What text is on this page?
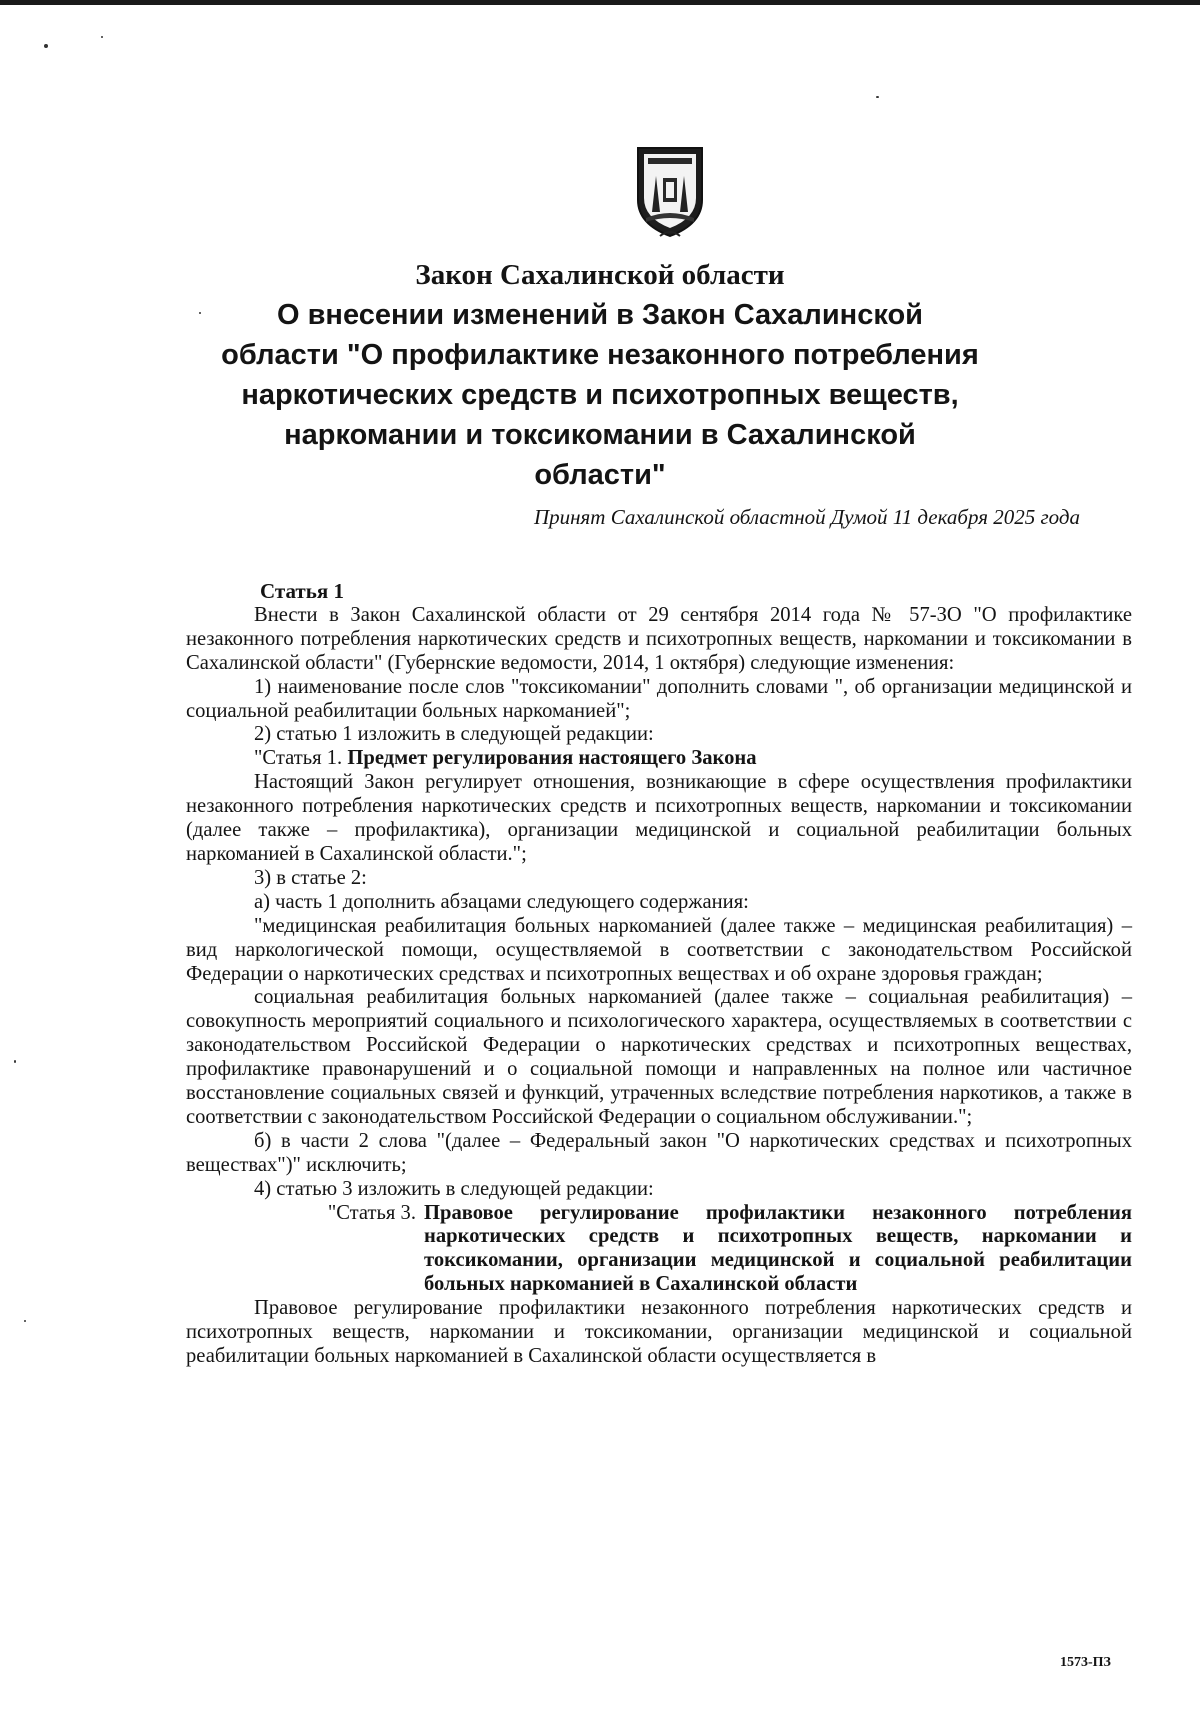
Закон Сахалинской области
О внесении изменений в Закон Сахалинской
области "О профилактике незаконного потребления
наркотических средств и психотропных веществ,
наркомании и токсикомании в Сахалинской
области"
Принят Сахалинской областной Думой 11 декабря 2025 года

Статья 1

Внести в Закон Сахалинской области от 29 сентября 2014 года № 57-ЗО "О профилактике незаконного потребления наркотических средств и психотропных веществ, наркомании и токсикомании в Сахалинской области" (Губернские ведомости, 2014, 1 октября) следующие изменения:

1) наименование после слов "токсикомании" дополнить словами ", об организации медицинской и социальной реабилитации больных наркоманией";

2) статью 1 изложить в следующей редакции:

"Статья 1. Предмет регулирования настоящего Закона

Настоящий Закон регулирует отношения, возникающие в сфере осуществления профилактики незаконного потребления наркотических средств и психотропных веществ, наркомании и токсикомании (далее также – профилактика), организации медицинской и социальной реабилитации больных наркоманией в Сахалинской области.";

3) в статье 2:

а) часть 1 дополнить абзацами следующего содержания:

"медицинская реабилитация больных наркоманией (далее также – медицинская реабилитация) – вид наркологической помощи, осуществляемой в соответствии с законодательством Российской Федерации о наркотических средствах и психотропных веществах и об охране здоровья граждан;

социальная реабилитация больных наркоманией (далее также – социальная реабилитация) – совокупность мероприятий социального и психологического характера, осуществляемых в соответствии с законодательством Российской Федерации о наркотических средствах и психотропных веществах, профилактике правонарушений и о социальной помощи и направленных на полное или частичное восстановление социальных связей и функций, утраченных вследствие потребления наркотиков, а также в соответствии с законодательством Российской Федерации о социальном обслуживании.";

б) в части 2 слова "(далее – Федеральный закон "О наркотических средствах и психотропных веществах")" исключить;

4) статью 3 изложить в следующей редакции:

"Статья 3. Правовое регулирование профилактики незаконного потребления наркотических средств и психотропных веществ, наркомании и токсикомании, организации медицинской и социальной реабилитации больных наркоманией в Сахалинской области

Правовое регулирование профилактики незаконного потребления наркотических средств и психотропных веществ, наркомании и токсикомании, организации медицинской и социальной реабилитации больных наркоманией в Сахалинской области осуществляется в

1573-ПЗ
